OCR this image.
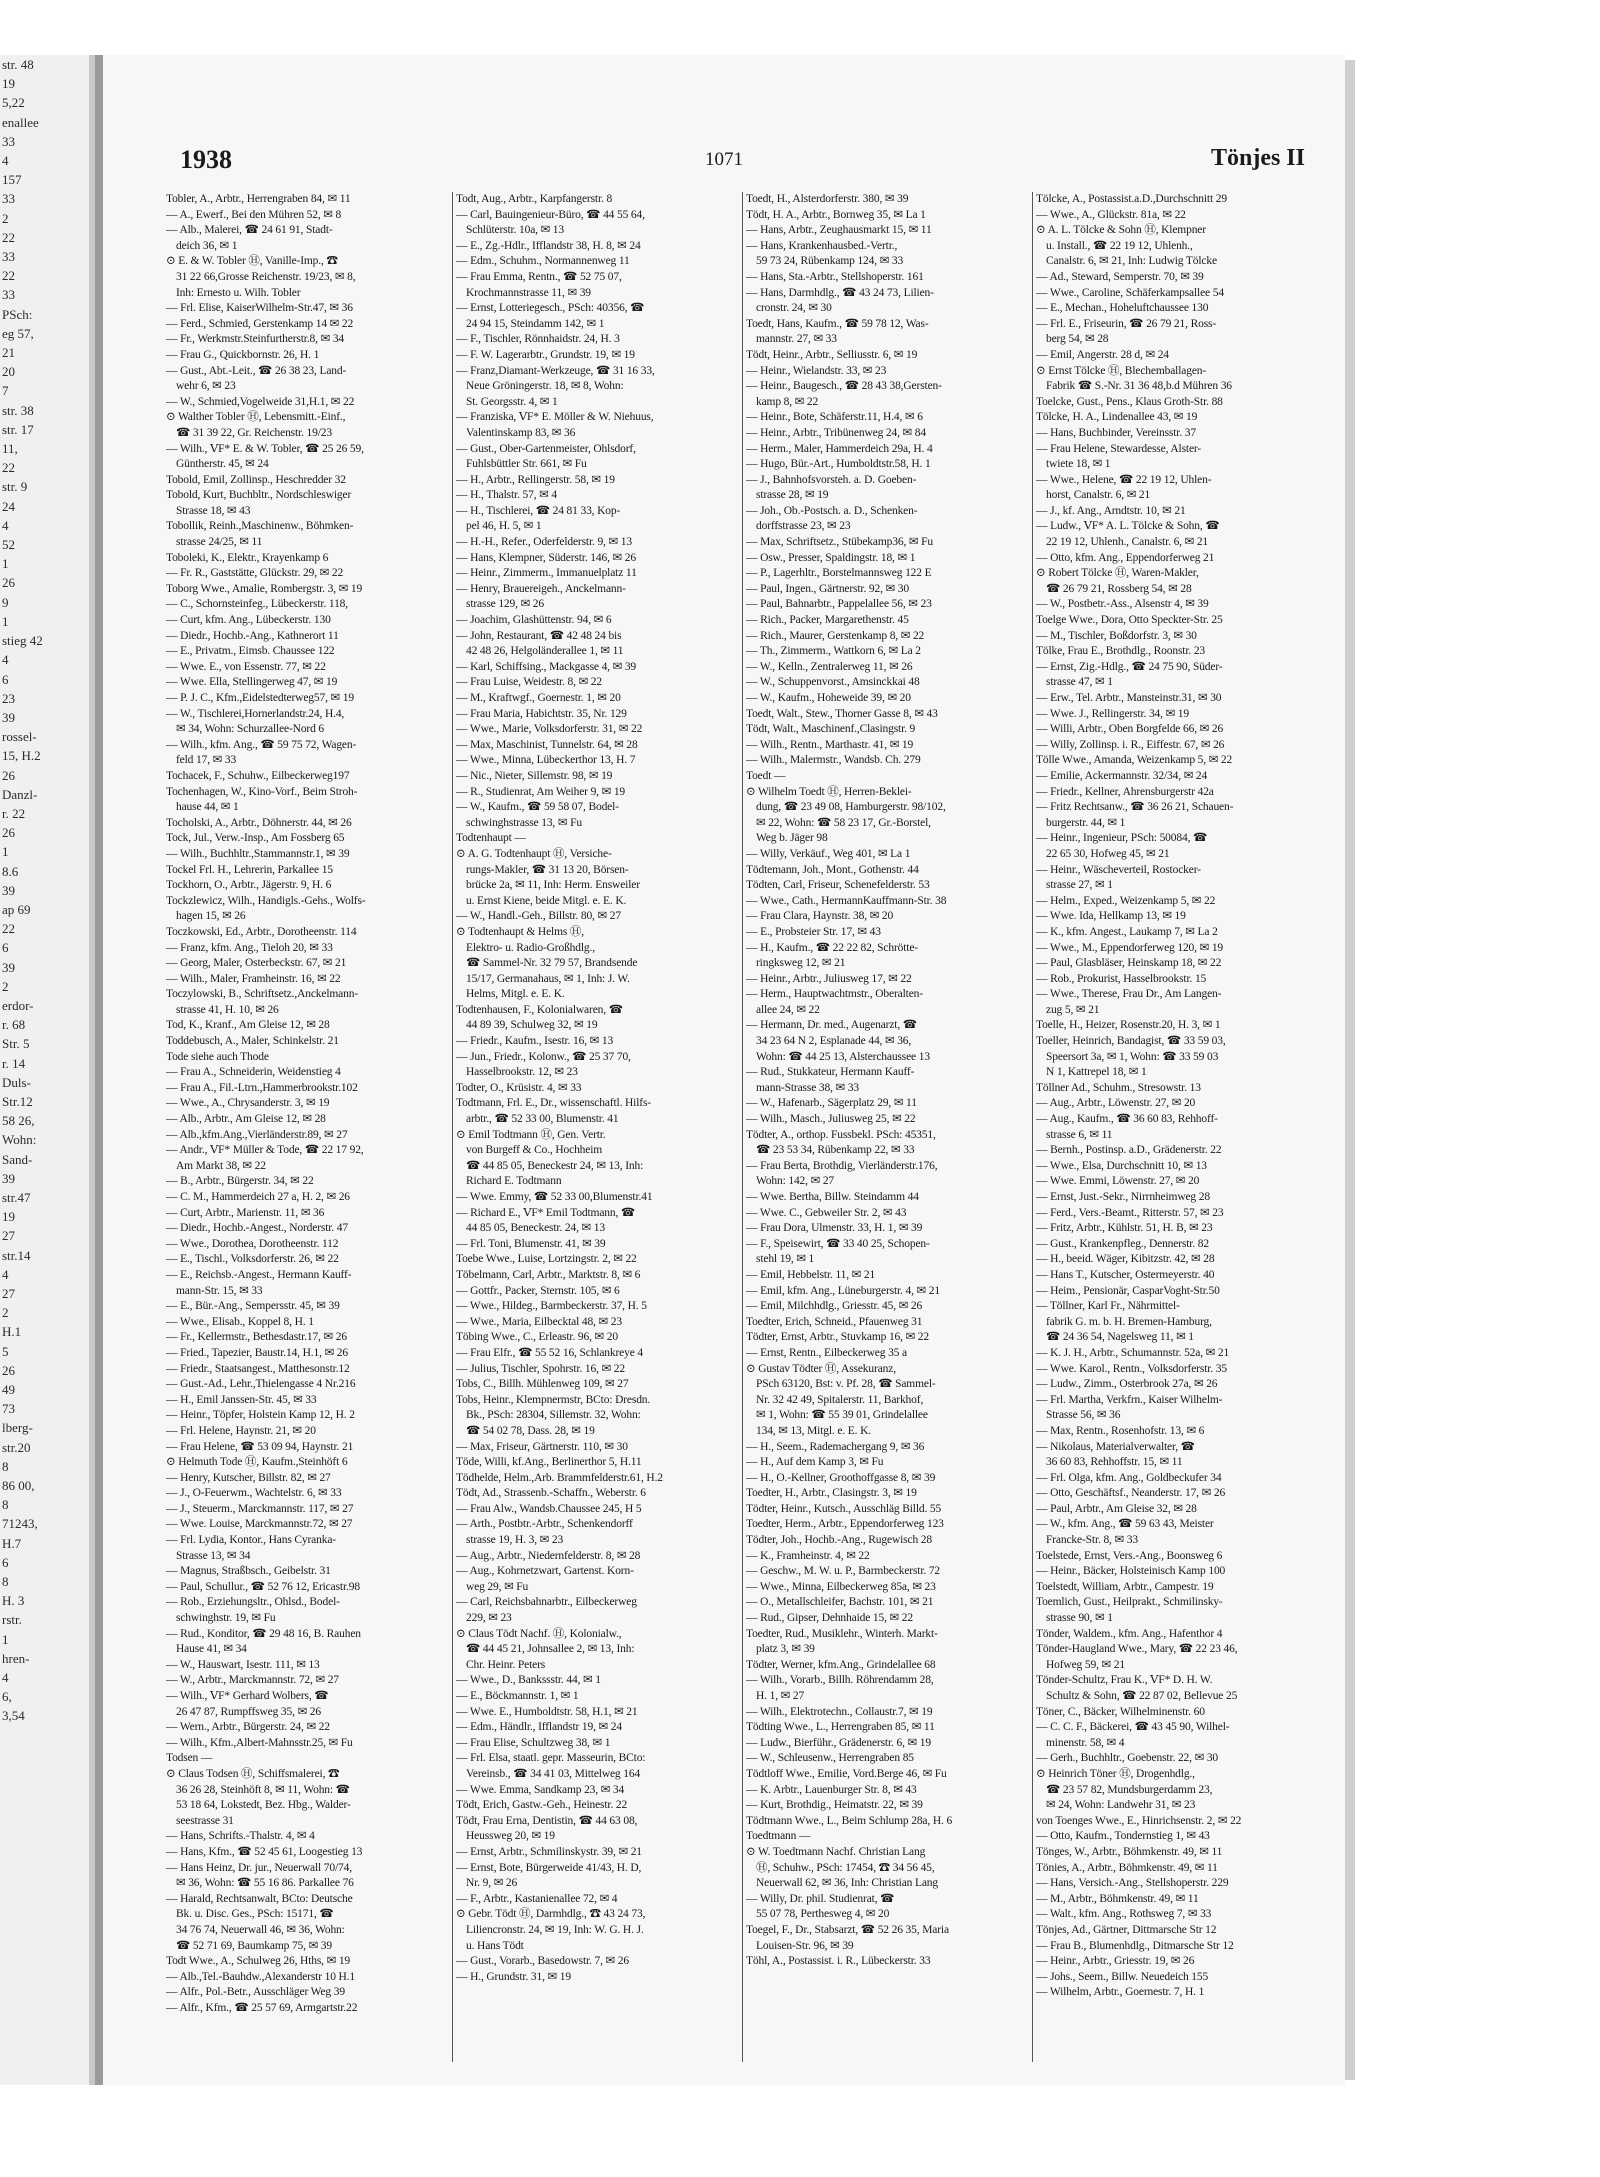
str. 48
19
5,22
enallee
33
4
157
33
2
22
33
22
33
PSch:
eg 57,
21
20
7
str. 38
str. 17
11,
22
str. 9
24
4
52
1
26
9
1
stieg 42
4
6
23
39
rossel-
15, H.2
26
Danzl-
r. 22
26
1
8.6
39
ap 69
22
6
39
2
erdor-
r. 68
Str. 5
r. 14
Duls-
Str.12
58 26,
Wohn:
Sand-
39
str.47
19
27
str.14
4
27
2
H.1
5
26
49
73
lberg-
str.20
8
86 00,
8
71243,
H.7
6
8
H. 3
rstr.
1
hren-
4
6,
3,54
1938	1071	Tönjes II
Tobler, A., Arbtr., Herrengraben 84, ✉ 11
— A., Ewerf., Bei den Mühren 52, ✉ 8
— Alb., Malerei, ☎ 24 61 91, Stadt-
deich 36, ✉ 1
⊙ E. & W. Tobler Ⓗ, Vanille-Imp., ☎
31 22 66,Grosse Reichenstr. 19/23, ✉ 8,
Inh: Ernesto u. Wilh. Tobler
— Frl. Elise, KaiserWilhelm-Str.47, ✉ 36
— Ferd., Schmied, Gerstenkamp 14 ✉ 22
— Fr., Werkmstr.Steinfurtherstr.8, ✉ 34
— Frau G., Quickbornstr. 26, H. 1
— Gust., Abt.-Leit., ☎ 26 38 23, Land-
wehr 6, ✉ 23
— W., Schmied,Vogelweide 31,H.1, ✉ 22
⊙ Walther Tobler Ⓗ, Lebensmitt.-Einf.,
☎ 31 39 22, Gr. Reichenstr. 19/23
— Wilh., ⅤF* E. & W. Tobler, ☎ 25 26 59,
Güntherstr. 45, ✉ 24
Tobold, Emil, Zollinsp., Heschredder 32
Tobold, Kurt, Buchbltr., Nordschleswiger
Strasse 18, ✉ 43
Tobollik, Reinh.,Maschinenw., Böhmken-
strasse 24/25, ✉ 11
Toboleki, K., Elektr., Krayenkamp 6
— Fr. R., Gaststätte, Glückstr. 29, ✉ 22
Toborg Wwe., Amalie, Rombergstr. 3, ✉ 19
— C., Schornsteinfeg., Lübeckerstr. 118,
— Curt, kfm. Ang., Lübeckerstr. 130
— Diedr., Hochb.-Ang., Kathnerort 11
— E., Privatm., Eimsb. Chaussee 122
— Wwe. E., von Essenstr. 77, ✉ 22
— Wwe. Ella, Stellingerweg 47, ✉ 19
— P. J. C., Kfm.,Eidelstedterweg57, ✉ 19
— W., Tischlerei,Hornerlandstr.24, H.4,
✉ 34, Wohn: Schurzallee-Nord 6
— Wilh., kfm. Ang., ☎ 59 75 72, Wagen-
feld 17, ✉ 33
Tochacek, F., Schuhw., Eilbeckerweg197
Tochenhagen, W., Kino-Vorf., Beim Stroh-
hause 44, ✉ 1
Tocholski, A., Arbtr., Döhnerstr. 44, ✉ 26
Tock, Jul., Verw.-Insp., Am Fossberg 65
— Wilh., Buchhltr.,Stammannstr.1, ✉ 39
Tockel Frl. H., Lehrerin, Parkallee 15
Tockhorn, O., Arbtr., Jägerstr. 9, H. 6
Tockzlewicz, Wilh., Handigls.-Gehs., Wolfs-
hagen 15, ✉ 26
Toczkowski, Ed., Arbtr., Dorotheenstr. 114
— Franz, kfm. Ang., Tieloh 20, ✉ 33
— Georg, Maler, Osterbeckstr. 67, ✉ 21
— Wilh., Maler, Framheinstr. 16, ✉ 22
Toczylowski, B., Schriftsetz.,Anckelmann-
strasse 41, H. 10, ✉ 26
Tod, K., Kranf., Am Gleise 12, ✉ 28
Toddebusch, A., Maler, Schinkelstr. 21
Tode siehe auch Thode
— Frau A., Schneiderin, Weidenstieg 4
— Frau A., Fil.-Ltrn.,Hammerbrookstr.102
— Wwe., A., Chrysanderstr. 3, ✉ 19
— Alb., Arbtr., Am Gleise 12, ✉ 28
— Alb.,kfm.Ang.,Vierländerstr.89, ✉ 27
— Andr., ⅤF* Müller & Tode, ☎ 22 17 92,
Am Markt 38, ✉ 22
— B., Arbtr., Bürgerstr. 34, ✉ 22
— C. M., Hammerdeich 27 a, H. 2, ✉ 26
— Curt, Arbtr., Marienstr. 11, ✉ 36
— Diedr., Hochb.-Angest., Norderstr. 47
— Wwe., Dorothea, Dorotheenstr. 112
— E., Tischl., Volksdorferstr. 26, ✉ 22
— E., Reichsb.-Angest., Hermann Kauff-
mann-Str. 15, ✉ 33
— E., Bür.-Ang., Sempersstr. 45, ✉ 39
— Wwe., Elisab., Koppel 8, H. 1
— Fr., Kellermstr., Bethesdastr.17, ✉ 26
— Fried., Tapezier, Baustr.14, H.1, ✉ 26
— Friedr., Staatsangest., Matthesonstr.12
— Gust.-Ad., Lehr.,Thielengasse 4 Nr.216
— H., Emil Janssen-Str. 45, ✉ 33
— Heinr., Töpfer, Holstein Kamp 12, H. 2
— Frl. Helene, Haynstr. 21, ✉ 20
— Frau Helene, ☎ 53 09 94, Haynstr. 21
⊙ Helmuth Tode Ⓗ, Kaufm.,Steinhöft 6
— Henry, Kutscher, Billstr. 82, ✉ 27
— J., O-Feuerwm., Wachtelstr. 6, ✉ 33
— J., Steuerm., Marckmannstr. 117, ✉ 27
— Wwe. Louise, Marckmannstr.72, ✉ 27
— Frl. Lydia, Kontor., Hans Cyranka-
Strasse 13, ✉ 34
— Magnus, Straßbsch., Geibelstr. 31
— Paul, Schullur., ☎ 52 76 12, Ericastr.98
— Rob., Erziehungsltr., Ohlsd., Bodel-
schwinghstr. 19, ✉ Fu
— Rud., Konditor, ☎ 29 48 16, B. Rauhen
Hause 41, ✉ 34
— W., Hauswart, Isestr. 111, ✉ 13
— W., Arbtr., Marckmannstr. 72, ✉ 27
— Wilh., ⅤF* Gerhard Wolbers, ☎
26 47 87, Rumpffsweg 35, ✉ 26
— Wern., Arbtr., Bürgerstr. 24, ✉ 22
— Wilh., Kfm.,Albert-Mahnsstr.25, ✉ Fu
Todsen —
⊙ Claus Todsen Ⓗ, Schiffsmalerei, ☎
36 26 28, Steinhöft 8, ✉ 11, Wohn: ☎
53 18 64, Lokstedt, Bez. Hbg., Walder-
seestrasse 31
— Hans, Schrifts.-Thalstr. 4, ✉ 4
— Hans, Kfm., ☎ 52 45 61, Loogestieg 13
— Hans Heinz, Dr. jur., Neuerwall 70/74,
✉ 36, Wohn: ☎ 55 16 86. Parkallee 76
— Harald, Rechtsanwalt, BCto: Deutsche
Bk. u. Disc. Ges., PSch: 15171, ☎
34 76 74, Neuerwall 46, ✉ 36, Wohn:
☎ 52 71 69, Baumkamp 75, ✉ 39
Todt Wwe., A., Schulweg 26, Hths, ✉ 19
— Alb.,Tel.-Bauhdw.,Alexanderstr 10 H.1
— Alfr., Pol.-Betr., Ausschläger Weg 39
— Alfr., Kfm., ☎ 25 57 69, Armgartstr.22
Todt, Aug., Arbtr., Karpfangerstr. 8
— Carl, Bauingenieur-Büro, ☎ 44 55 64,
Schlüterstr. 10a, ✉ 13
— E., Zg.-Hdlr., Ifflandstr 38, H. 8, ✉ 24
— Edm., Schuhm., Normannenweg 11
— Frau Emma, Rentn., ☎ 52 75 07,
Krochmannstrasse 11, ✉ 39
— Ernst, Lotteriegesch., PSch: 40356, ☎
24 94 15, Steindamm 142, ✉ 1
— F., Tischler, Rönnhaidstr. 24, H. 3
— F. W. Lagerarbtr., Grundstr. 19, ✉ 19
— Franz,Diamant-Werkzeuge, ☎ 31 16 33,
Neue Gröningerstr. 18, ✉ 8, Wohn:
St. Georgsstr. 4, ✉ 1
— Franziska, ⅤF* E. Möller & W. Niehuus,
Valentinskamp 83, ✉ 36
— Gust., Ober-Gartenmeister, Ohlsdorf,
Fuhlsbüttler Str. 661, ✉ Fu
— H., Arbtr., Rellingerstr. 58, ✉ 19
— H., Thalstr. 57, ✉ 4
— H., Tischlerei, ☎ 24 81 33, Kop-
pel 46, H. 5, ✉ 1
— H.-H., Refer., Oderfelderstr. 9, ✉ 13
— Hans, Klempner, Süderstr. 146, ✉ 26
— Heinr., Zimmerm., Immanuelplatz 11
— Henry, Brauereigeh., Anckelmann-
strasse 129, ✉ 26
— Joachim, Glashüttenstr. 94, ✉ 6
— John, Restaurant, ☎ 42 48 24 bis
42 48 26, Helgoländerallee 1, ✉ 11
— Karl, Schiffsing., Mackgasse 4, ✉ 39
— Frau Luise, Weidestr. 8, ✉ 22
— M., Kraftwgf., Goernestr. 1, ✉ 20
— Frau Maria, Habichtstr. 35, Nr. 129
— Wwe., Marie, Volksdorferstr. 31, ✉ 22
— Max, Maschinist, Tunnelstr. 64, ✉ 28
— Wwe., Minna, Lübeckerthor 13, H. 7
— Nic., Nieter, Sillemstr. 98, ✉ 19
— R., Studienrat, Am Weiher 9, ✉ 19
— W., Kaufm., ☎ 59 58 07, Bodel-
schwinghstrasse 13, ✉ Fu
Todtenhaupt —
⊙ A. G. Todtenhaupt Ⓗ, Versiche-
rungs-Makler, ☎ 31 13 20, Börsen-
brücke 2a, ✉ 11, Inh: Herm. Ensweiler
u. Ernst Kiene, beide Mitgl. e. E. K.
— W., Handl.-Geh., Billstr. 80, ✉ 27
⊙ Todtenhaupt & Helms Ⓗ,
Elektro- u. Radio-Großhdlg.,
☎ Sammel-Nr. 32 79 57, Brandsende
15/17, Germanahaus, ✉ 1, Inh: J. W.
Helms, Mitgl. e. E. K.
Todtenhausen, F., Kolonialwaren, ☎
44 89 39, Schulweg 32, ✉ 19
— Friedr., Kaufm., Isestr. 16, ✉ 13
— Jun., Friedr., Kolonw., ☎ 25 37 70,
Hasselbrookstr. 12, ✉ 23
Todter, O., Krüsistr. 4, ✉ 33
Todtmann, Frl. E., Dr., wissenschaftl. Hilfs-
arbtr., ☎ 52 33 00, Blumenstr. 41
⊙ Emil Todtmann Ⓗ, Gen. Vertr.
von Burgeff & Co., Hochheim
☎ 44 85 05, Beneckestr 24, ✉ 13, Inh:
Richard E. Todtmann
— Wwe. Emmy, ☎ 52 33 00,Blumenstr.41
— Richard E., ⅤF* Emil Todtmann, ☎
44 85 05, Beneckestr. 24, ✉ 13
— Frl. Toni, Blumenstr. 41, ✉ 39
Toebe Wwe., Luise, Lortzingstr. 2, ✉ 22
Töbelmann, Carl, Arbtr., Marktstr. 8, ✉ 6
— Gottfr., Packer, Sternstr. 105, ✉ 6
— Wwe., Hildeg., Barmbeckerstr. 37, H. 5
— Wwe., Maria, Eilbecktal 48, ✉ 23
Töbing Wwe., C., Erleastr. 96, ✉ 20
— Frau Elfr., ☎ 55 52 16, Schlankreye 4
— Julius, Tischler, Spohrstr. 16, ✉ 22
Tobs, C., Billh. Mühlenweg 109, ✉ 27
Tobs, Heinr., Klempnermstr, BCto: Dresdn.
Bk., PSch: 28304, Sillemstr. 32, Wohn:
☎ 54 02 78, Dass. 28, ✉ 19
— Max, Friseur, Gärtnerstr. 110, ✉ 30
Töde, Willi, kf.Ang., Berlinerthor 5, H.11
Tödhelde, Helm.,Arb. Brammfelderstr.61, H.2
Tödt, Ad., Strassenb.-Schaffn., Weberstr. 6
— Frau Alw., Wandsb.Chaussee 245, H 5
— Arth., Postbtr.-Arbtr., Schenkendorff
strasse 19, H. 3, ✉ 23
— Aug., Arbtr., Niedernfelderstr. 8, ✉ 28
— Aug., Kohrnetzwart, Gartenst. Korn-
weg 29, ✉ Fu
— Carl, Reichsbahnarbtr., Eilbeckerweg
229, ✉ 23
⊙ Claus Tödt Nachf. Ⓗ, Kolonialw.,
☎ 44 45 21, Johnsallee 2, ✉ 13, Inh:
Chr. Heinr. Peters
— Wwe., D., Bankssstr. 44, ✉ 1
— E., Böckmannstr. 1, ✉ 1
— Wwe. E., Humboldtstr. 58, H.1, ✉ 21
— Edm., Händlr., Ifflandstr 19, ✉ 24
— Frau Elise, Schultzweg 38, ✉ 1
— Frl. Elsa, staatl. gepr. Masseurin, BCto:
Vereinsb., ☎ 34 41 03, Mittelweg 164
— Wwe. Emma, Sandkamp 23, ✉ 34
Tödt, Erich, Gastw.-Geh., Heinestr. 22
Tödt, Frau Erna, Dentistin, ☎ 44 63 08,
Heussweg 20, ✉ 19
— Ernst, Arbtr., Schmilinskystr. 39, ✉ 21
— Ernst, Bote, Bürgerweide 41/43, H. D,
Nr. 9, ✉ 26
— F., Arbtr., Kastanienallee 72, ✉ 4
⊙ Gebr. Tödt Ⓗ, Darmhdlg., ☎ 43 24 73,
Liliencronstr. 24, ✉ 19, Inh: W. G. H. J.
u. Hans Tödt
— Gust., Vorarb., Basedowstr. 7, ✉ 26
— H., Grundstr. 31, ✉ 19
Toedt, H., Alsterdorferstr. 380, ✉ 39
Tödt, H. A., Arbtr., Bornweg 35, ✉ La 1
— Hans, Arbtr., Zeughausmarkt 15, ✉ 11
— Hans, Krankenhausbed.-Vertr.,
59 73 24, Rübenkamp 124, ✉ 33
— Hans, Sta.-Arbtr., Stellshoperstr. 161
— Hans, Darmhdlg., ☎ 43 24 73, Lilien-
cronstr. 24, ✉ 30
Toedt, Hans, Kaufm., ☎ 59 78 12, Was-
mannstr. 27, ✉ 33
Tödt, Heinr., Arbtr., Selliusstr. 6, ✉ 19
— Heinr., Wielandstr. 33, ✉ 23
— Heinr., Baugesch., ☎ 28 43 38,Gersten-
kamp 8, ✉ 22
— Heinr., Bote, Schäferstr.11, H.4, ✉ 6
— Heinr., Arbtr., Tribünenweg 24, ✉ 84
— Herm., Maler, Hammerdeich 29a, H. 4
— Hugo, Bür.-Art., Humboldtstr.58, H. 1
— J., Bahnhofsvorsteh. a. D. Goeben-
strasse 28, ✉ 19
— Joh., Ob.-Postsch. a. D., Schenken-
dorffstrasse 23, ✉ 23
— Max, Schriftsetz., Stübekamp36, ✉ Fu
— Osw., Presser, Spaldingstr. 18, ✉ 1
— P., Lagerhltr., Borstelmannsweg 122 E
— Paul, Ingen., Gärtnerstr. 92, ✉ 30
— Paul, Bahnarbtr., Pappelallee 56, ✉ 23
— Rich., Packer, Margarethenstr. 45
— Rich., Maurer, Gerstenkamp 8, ✉ 22
— Th., Zimmerm., Wattkorn 6, ✉ La 2
— W., Kelln., Zentralerweg 11, ✉ 26
— W., Schuppenvorst., Amsinckkai 48
— W., Kaufm., Hoheweide 39, ✉ 20
Toedt, Walt., Stew., Thorner Gasse 8, ✉ 43
Tödt, Walt., Maschinenf.,Clasingstr. 9
— Wilh., Rentn., Marthastr. 41, ✉ 19
— Wilh., Malermstr., Wandsb. Ch. 279
Toedt —
⊙ Wilhelm Toedt Ⓗ, Herren-Beklei-
dung, ☎ 23 49 08, Hamburgerstr. 98/102,
✉ 22, Wohn: ☎ 58 23 17, Gr.-Borstel,
Weg b. Jäger 98
— Willy, Verkäuf., Weg 401, ✉ La 1
Tödtemann, Joh., Mont., Gothenstr. 44
Tödten, Carl, Friseur, Schenefelderstr. 53
— Wwe., Cath., HermannKauffmann-Str. 38
— Frau Clara, Haynstr. 38, ✉ 20
— E., Probsteier Str. 17, ✉ 43
— H., Kaufm., ☎ 22 22 82, Schrötte-
ringksweg 12, ✉ 21
— Heinr., Arbtr., Juliusweg 17, ✉ 22
— Herm., Hauptwachtmstr., Oberalten-
allee 24, ✉ 22
— Hermann, Dr. med., Augenarzt, ☎
34 23 64 N 2, Esplanade 44, ✉ 36,
Wohn: ☎ 44 25 13, Alsterchaussee 13
— Rud., Stukkateur, Hermann Kauff-
mann-Strasse 38, ✉ 33
— W., Hafenarb., Sägerplatz 29, ✉ 11
— Wilh., Masch., Juliusweg 25, ✉ 22
Tödter, A., orthop. Fussbekl. PSch: 45351,
☎ 23 53 34, Rübenkamp 22, ✉ 33
— Frau Berta, Brothdig, Vierländerstr.176,
Wohn: 142, ✉ 27
— Wwe. Bertha, Billw. Steindamm 44
— Wwe. C., Gebweiler Str. 2, ✉ 43
— Frau Dora, Ulmenstr. 33, H. 1, ✉ 39
— F., Speisewirt, ☎ 33 40 25, Schopen-
stehl 19, ✉ 1
— Emil, Hebbelstr. 11, ✉ 21
— Emil, kfm. Ang., Lüneburgerstr. 4, ✉ 21
— Emil, Milchhdlg., Griesstr. 45, ✉ 26
Toedter, Erich, Schneid., Pfauenweg 31
Tödter, Ernst, Arbtr., Stuvkamp 16, ✉ 22
— Ernst, Rentn., Eilbeckerweg 35 a
⊙ Gustav Tödter Ⓗ, Assekuranz,
PSch 63120, Bst: v. Pf. 28, ☎ Sammel-
Nr. 32 42 49, Spitalerstr. 11, Barkhof,
✉ 1, Wohn: ☎ 55 39 01, Grindelallee
134, ✉ 13, Mitgl. e. E. K.
— H., Seem., Rademachergang 9, ✉ 36
— H., Auf dem Kamp 3, ✉ Fu
— H., O.-Kellner, Groothoffgasse 8, ✉ 39
Toedter, H., Arbtr., Clasingstr. 3, ✉ 19
Tödter, Heinr., Kutsch., Ausschläg Billd. 55
Toedter, Herm., Arbtr., Eppendorferweg 123
Tödter, Joh., Hochb.-Ang., Rugewisch 28
— K., Framheinstr. 4, ✉ 22
— Geschw., M. W. u. P., Barmbeckerstr. 72
— Wwe., Minna, Eilbeckerweg 85a, ✉ 23
— O., Metallschleifer, Bachstr. 101, ✉ 21
— Rud., Gipser, Dehnhaide 15, ✉ 22
Toedter, Rud., Musiklehr., Winterh. Markt-
platz 3, ✉ 39
Tödter, Werner, kfm.Ang., Grindelallee 68
— Wilh., Vorarb., Billh. Röhrendamm 28,
H. 1, ✉ 27
— Wilh., Elektrotechn., Collaustr.7, ✉ 19
Tödting Wwe., L., Herrengraben 85, ✉ 11
— Ludw., Bierführ., Grädenerstr. 6, ✉ 19
— W., Schleusenw., Herrengraben 85
Tödtloff Wwe., Emilie, Vord.Berge 46, ✉ Fu
— K. Arbtr., Lauenburger Str. 8, ✉ 43
— Kurt, Brothdig., Heimatstr. 22, ✉ 39
Tödtmann Wwe., L., Beim Schlump 28a, H. 6
Toedtmann —
⊙ W. Toedtmann Nachf. Christian Lang
Ⓗ, Schuhw., PSch: 17454, ☎ 34 56 45,
Neuerwall 62, ✉ 36, Inh: Christian Lang
— Willy, Dr. phil. Studienrat, ☎
55 07 78, Perthesweg 4, ✉ 20
Toegel, F., Dr., Stabsarzt, ☎ 52 26 35, Maria
Louisen-Str. 96, ✉ 39
Töhl, A., Postassist. i. R., Lübeckerstr. 33
Tölcke, A., Postassist.a.D.,Durchschnitt 29
— Wwe., A., Glückstr. 81a, ✉ 22
⊙ A. L. Tölcke & Sohn Ⓗ, Klempner
u. Install., ☎ 22 19 12, Uhlenh.,
Canalstr. 6, ✉ 21, Inh: Ludwig Tölcke
— Ad., Steward, Semperstr. 70, ✉ 39
— Wwe., Caroline, Schäferkampsallee 54
— E., Mechan., Hoheluftchaussee 130
— Frl. E., Friseurin, ☎ 26 79 21, Ross-
berg 54, ✉ 28
— Emil, Angerstr. 28 d, ✉ 24
⊙ Ernst Tölcke Ⓗ, Blechemballagen-
Fabrik ☎ S.-Nr. 31 36 48,b.d Mühren 36
Toelcke, Gust., Pens., Klaus Groth-Str. 88
Tölcke, H. A., Lindenallee 43, ✉ 19
— Hans, Buchbinder, Vereinsstr. 37
— Frau Helene, Stewardesse, Alster-
twiete 18, ✉ 1
— Wwe., Helene, ☎ 22 19 12, Uhlen-
horst, Canalstr. 6, ✉ 21
— J., kf. Ang., Arndtstr. 10, ✉ 21
— Ludw., ⅤF* A. L. Tölcke & Sohn, ☎
22 19 12, Uhlenh., Canalstr. 6, ✉ 21
— Otto, kfm. Ang., Eppendorferweg 21
⊙ Robert Tölcke Ⓗ, Waren-Makler,
☎ 26 79 21, Rossberg 54, ✉ 28
— W., Postbetr.-Ass., Alsenstr 4, ✉ 39
Toelge Wwe., Dora, Otto Speckter-Str. 25
— M., Tischler, Boßdorfstr. 3, ✉ 30
Tölke, Frau E., Brothdlg., Roonstr. 23
— Ernst, Zig.-Hdlg., ☎ 24 75 90, Süder-
strasse 47, ✉ 1
— Erw., Tel. Arbtr., Mansteinstr.31, ✉ 30
— Wwe. J., Rellingerstr. 34, ✉ 19
— Willi, Arbtr., Oben Borgfelde 66, ✉ 26
— Willy, Zollinsp. i. R., Eiffestr. 67, ✉ 26
Tölle Wwe., Amanda, Weizenkamp 5, ✉ 22
— Emilie, Ackermannstr. 32/34, ✉ 24
— Friedr., Kellner, Ahrensburgerstr 42a
— Fritz Rechtsanw., ☎ 36 26 21, Schauen-
burgerstr. 44, ✉ 1
— Heinr., Ingenieur, PSch: 50084, ☎
22 65 30, Hofweg 45, ✉ 21
— Heinr., Wäscheverteil, Rostocker-
strasse 27, ✉ 1
— Helm., Exped., Weizenkamp 5, ✉ 22
— Wwe. Ida, Hellkamp 13, ✉ 19
— K., kfm. Angest., Laukamp 7, ✉ La 2
— Wwe., M., Eppendorferweg 120, ✉ 19
— Paul, Glasbläser, Heinskamp 18, ✉ 22
— Rob., Prokurist, Hasselbrookstr. 15
— Wwe., Therese, Frau Dr., Am Langen-
zug 5, ✉ 21
Toelle, H., Heizer, Rosenstr.20, H. 3, ✉ 1
Toeller, Heinrich, Bandagist, ☎ 33 59 03,
Speersort 3a, ✉ 1, Wohn: ☎ 33 59 03
N 1, Kattrepel 18, ✉ 1
Töllner Ad., Schuhm., Stresowstr. 13
— Aug., Arbtr., Löwenstr. 27, ✉ 20
— Aug., Kaufm., ☎ 36 60 83, Rehhoff-
strasse 6, ✉ 11
— Bernh., Postinsp. a.D., Grädenerstr. 22
— Wwe., Elsa, Durchschnitt 10, ✉ 13
— Wwe. Emmi, Löwenstr. 27, ✉ 20
— Ernst, Just.-Sekr., Nirrnheimweg 28
— Ferd., Vers.-Beamt., Ritterstr. 57, ✉ 23
— Fritz, Arbtr., Kühlstr. 51, H. B, ✉ 23
— Gust., Krankenpfleg., Dennerstr. 82
— H., beeid. Wäger, Kibitzstr. 42, ✉ 28
— Hans T., Kutscher, Ostermeyerstr. 40
— Heim., Pensionär, CasparVoght-Str.50
— Töllner, Karl Fr., Nährmittel-
fabrik G. m. b. H. Bremen-Hamburg,
☎ 24 36 54, Nagelsweg 11, ✉ 1
— K. J. H., Arbtr., Schumannstr. 52a, ✉ 21
— Wwe. Karol., Rentn., Volksdorferstr. 35
— Ludw., Zimm., Osterbrook 27a, ✉ 26
— Frl. Martha, Verkfrn., Kaiser Wilhelm-
Strasse 56, ✉ 36
— Max, Rentn., Rosenhofstr. 13, ✉ 6
— Nikolaus, Materialverwalter, ☎
36 60 83, Rehhoffstr. 15, ✉ 11
— Frl. Olga, kfm. Ang., Goldbeckufer 34
— Otto, Geschäftsf., Neanderstr. 17, ✉ 26
— Paul, Arbtr., Am Gleise 32, ✉ 28
— W., kfm. Ang., ☎ 59 63 43, Meister
Francke-Str. 8, ✉ 33
Toelstede, Ernst, Vers.-Ang., Boonsweg 6
— Heinr., Bäcker, Holsteinisch Kamp 100
Toelstedt, William, Arbtr., Campestr. 19
Toemlich, Gust., Heilprakt., Schmilinsky-
strasse 90, ✉ 1
Tönder, Waldem., kfm. Ang., Hafenthor 4
Tönder-Haugland Wwe., Mary, ☎ 22 23 46,
Hofweg 59, ✉ 21
Tönder-Schultz, Frau K., ⅤF* D. H. W.
Schultz & Sohn, ☎ 22 87 02, Bellevue 25
Töner, C., Bäcker, Wilhelminenstr. 60
— C. C. F., Bäckerei, ☎ 43 45 90, Wilhel-
minenstr. 58, ✉ 4
— Gerh., Buchhltr., Goebenstr. 22, ✉ 30
⊙ Heinrich Töner Ⓗ, Drogenhdlg.,
☎ 23 57 82, Mundsburgerdamm 23,
✉ 24, Wohn: Landwehr 31, ✉ 23
von Toenges Wwe., E., Hinrichsenstr. 2, ✉ 22
— Otto, Kaufm., Tondernstieg 1, ✉ 43
Tönges, W., Arbtr., Böhmkenstr. 49, ✉ 11
Tönies, A., Arbtr., Böhmkenstr. 49, ✉ 11
— Hans, Versich.-Ang., Stellshoperstr. 229
— M., Arbtr., Böhmkenstr. 49, ✉ 11
— Walt., kfm. Ang., Rothsweg 7, ✉ 33
Tönjes, Ad., Gärtner, Dittmarsche Str 12
— Frau B., Blumenhdlg., Ditmarsche Str 12
— Heinr., Arbtr., Griesstr. 19, ✉ 26
— Johs., Seem., Billw. Neuedeich 155
— Wilhelm, Arbtr., Goernestr. 7, H. 1
